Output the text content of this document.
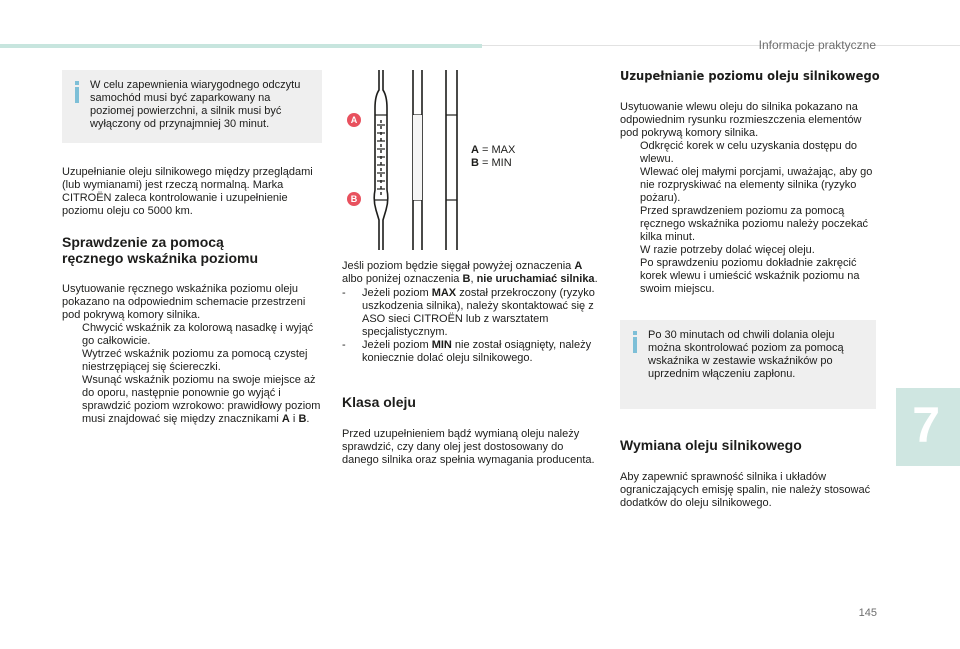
Informacje praktyczne
7
145

W celu zapewnienia wiarygodnego odczytu samochód musi być zaparkowany na poziomej powierzchni, a silnik musi być wyłączony od przynajmniej 30 minut.

Uzupełnianie oleju silnikowego między przeglądami (lub wymianami) jest rzeczą normalną. Marka CITROËN zaleca kontrolowanie i uzupełnienie poziomu oleju co 5000 km.

Sprawdzenie za pomocą
ręcznego wskaźnika poziomu

Usytuowanie ręcznego wskaźnika poziomu oleju pokazano na odpowiednim schemacie przestrzeni pod pokrywą komory silnika.

Chwycić wskaźnik za kolorową nasadkę i wyjąć go całkowicie.
Wytrzeć wskaźnik poziomu za pomocą czystej niestrzępiącej się ściereczki.
Wsunąć wskaźnik poziomu na swoje miejsce aż do oporu, następnie ponownie go wyjąć i sprawdzić poziom wzrokowo: prawidłowy poziom musi znajdować się między znacznikami A i B.
A
B
A = MAX
B = MIN

Jeśli poziom będzie sięgał powyżej oznaczenia A albo poniżej oznaczenia B, nie uruchamiać silnika.

- Jeżeli poziom MAX został przekroczony (ryzyko uszkodzenia silnika), należy skontaktować się z ASO sieci CITROËN lub z warsztatem specjalistycznym.
- Jeżeli poziom MIN nie został osiągnięty, należy koniecznie dolać oleju silnikowego.
Klasa oleju

Przed uzupełnieniem bądź wymianą oleju należy sprawdzić, czy dany olej jest dostosowany do danego silnika oraz spełnia wymagania producenta.

Uzupełnianie poziomu oleju silnikowego

Usytuowanie wlewu oleju do silnika pokazano na odpowiednim rysunku rozmieszczenia elementów pod pokrywą komory silnika.

Odkręcić korek w celu uzyskania dostępu do wlewu.
Wlewać olej małymi porcjami, uważając, aby go nie rozpryskiwać na elementy silnika (ryzyko pożaru).
Przed sprawdzeniem poziomu za pomocą ręcznego wskaźnika poziomu należy poczekać kilka minut.
W razie potrzeby dolać więcej oleju.
Po sprawdzeniu poziomu dokładnie zakręcić korek wlewu i umieścić wskaźnik poziomu na swoim miejscu.

Po 30 minutach od chwili dolania oleju można skontrolować poziom za pomocą wskaźnika w zestawie wskaźników po uprzednim włączeniu zapłonu.

Wymiana oleju silnikowego

Aby zapewnić sprawność silnika i układów ograniczających emisję spalin, nie należy stosować dodatków do oleju silnikowego.
